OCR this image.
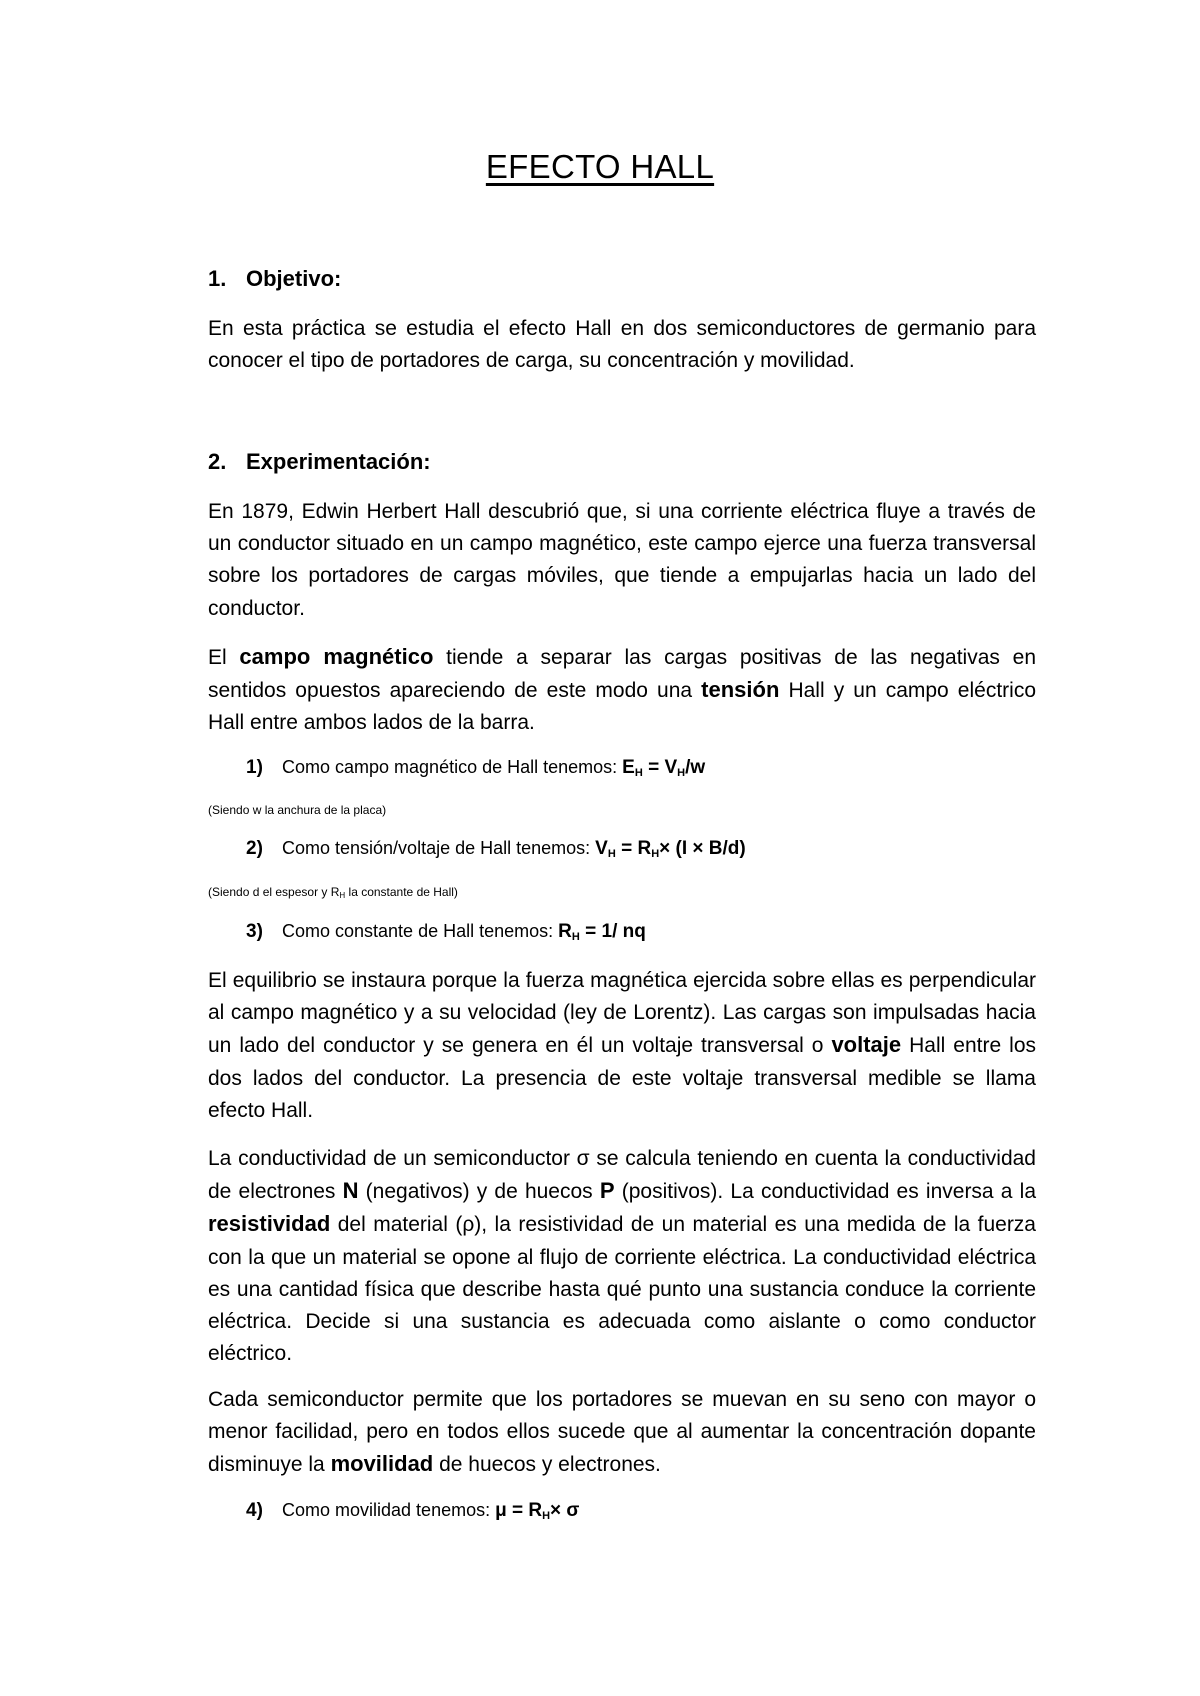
EFECTO HALL
1. Objetivo:

En esta práctica se estudia el efecto Hall en dos semiconductores de germanio para conocer el tipo de portadores de carga, su concentración y movilidad.

2. Experimentación:

En 1879, Edwin Herbert Hall descubrió que, si una corriente eléctrica fluye a través de un conductor situado en un campo magnético, este campo ejerce una fuerza transversal sobre los portadores de cargas móviles, que tiende a empujarlas hacia un lado del conductor.

El campo magnético tiende a separar las cargas positivas de las negativas en sentidos opuestos apareciendo de este modo una tensión Hall y un campo eléctrico Hall entre ambos lados de la barra.

1) Como campo magnético de Hall tenemos: $E_H = V_H/w$
(Siendo w la anchura de la placa)
2) Como tensión/voltaje de Hall tenemos: $V_H = R_H\times (I \times B/d)$
(Siendo d el espesor y $R_H$ la constante de Hall)
3) Como constante de Hall tenemos: $R_H = 1/$ nq

El equilibrio se instaura porque la fuerza magnética ejercida sobre ellas es perpendicular al campo magnético y a su velocidad (ley de Lorentz). Las cargas son impulsadas hacia un lado del conductor y se genera en él un voltaje transversal o voltaje Hall entre los dos lados del conductor. La presencia de este voltaje transversal medible se llama efecto Hall.

La conductividad de un semiconductor σ se calcula teniendo en cuenta la conductividad de electrones N (negativos) y de huecos P (positivos). La conductividad es inversa a la resistividad del material (ρ), la resistividad de un material es una medida de la fuerza con la que un material se opone al flujo de corriente eléctrica. La conductividad eléctrica es una cantidad física que describe hasta qué punto una sustancia conduce la corriente eléctrica. Decide si una sustancia es adecuada como aislante o como conductor eléctrico.

Cada semiconductor permite que los portadores se muevan en su seno con mayor o menor facilidad, pero en todos ellos sucede que al aumentar la concentración dopante disminuye la movilidad de huecos y electrones.

4) Como movilidad tenemos: $\mu = R_H\times \sigma$
